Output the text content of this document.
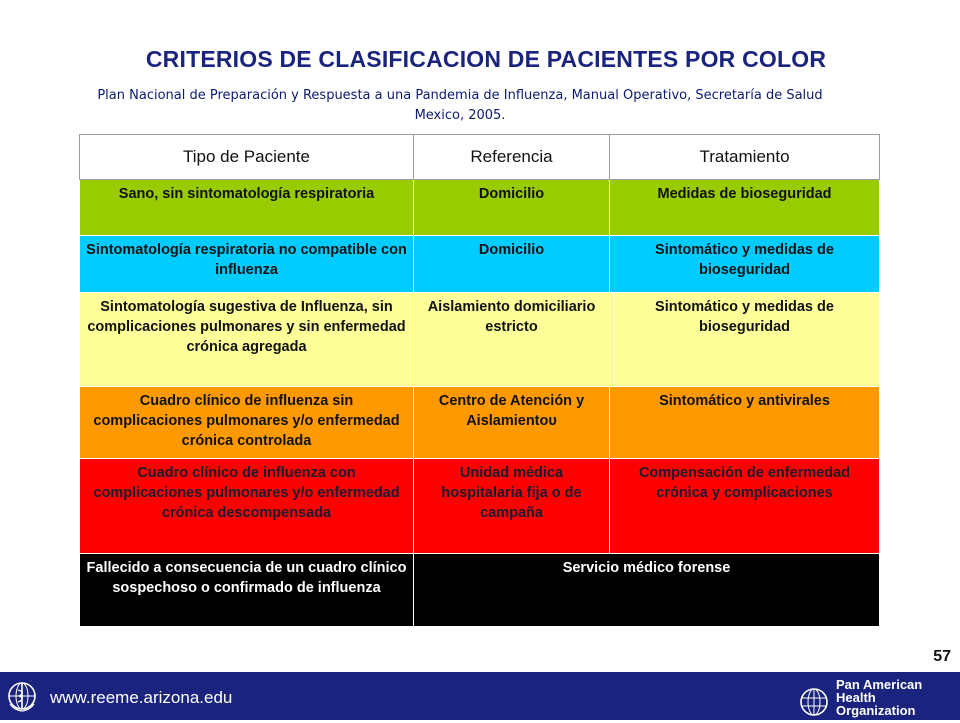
CRITERIOS DE CLASIFICACION DE PACIENTES POR COLOR
Plan Nacional de Preparación y Respuesta a una Pandemia de Influenza, Manual Operativo, Secretaría de Salud
Mexico, 2005.
Tipo de Paciente	Referencia	Tratamiento
Sano, sin sintomatología respiratoria	Domicilio	Medidas de bioseguridad
Sintomatología respiratoria no compatible con influenza	Domicilio	Sintomático y medidas de bioseguridad
Sintomatología sugestiva de Influenza, sin complicaciones pulmonares y sin enfermedad crónica agregada	Aislamiento domiciliario estricto	Sintomático y medidas de bioseguridad
Cuadro clínico de influenza sin complicaciones pulmonares y/o enfermedad crónica controlada	Centro de Atención y Aislamientoυ	Sintomático y antivirales
Cuadro clínico de influenza con complicaciones pulmonares y/o enfermedad crónica descompensada	Unidad médica hospitalaria fija o de campaña	Compensación de enfermedad crónica y complicaciones
Fallecido a consecuencia de un cuadro clínico sospechoso o confirmado de influenza	Servicio médico forense	
57
www.reeme.arizona.edu
Pan American
Health
Organization
